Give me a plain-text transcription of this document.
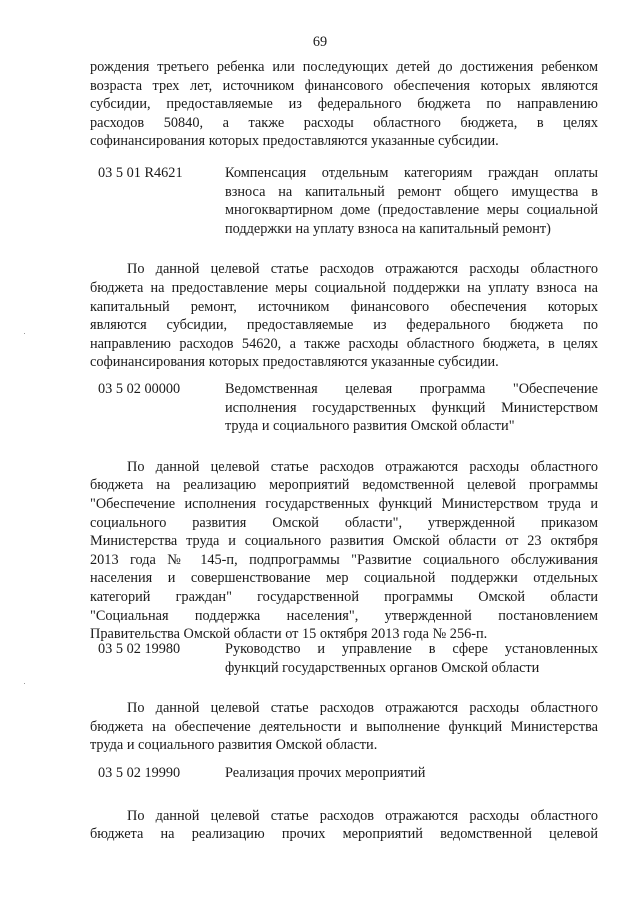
69

рождения третьего ребенка или последующих детей до достижения ребенком

возраста трех лет, источником финансового обеспечения которых являются

субсидии, предоставляемые из федерального бюджета по направлению

расходов 50840, а также расходы областного бюджета, в целях

софинансирования которых предоставляются указанные субсидии.

03 5 01 R4621	Компенсация отдельным категориям граждан оплаты

взноса на капитальный ремонт общего имущества в

многоквартирном доме (предоставление меры социальной

поддержки на уплату взноса на капитальный ремонт)

По данной целевой статье расходов отражаются расходы областного

бюджета на предоставление меры социальной поддержки на уплату взноса на

капитальный ремонт, источником финансового обеспечения которых

являются субсидии, предоставляемые из федерального бюджета по

направлению расходов 54620, а также расходы областного бюджета, в целях

софинансирования которых предоставляются указанные субсидии.

03 5 02 00000	Ведомственная целевая программа "Обеспечение

исполнения государственных функций Министерством

труда и социального развития Омской области"

По данной целевой статье расходов отражаются расходы областного

бюджета на реализацию мероприятий ведомственной целевой программы

"Обеспечение исполнения государственных функций Министерством труда и

социального развития Омской области", утвержденной приказом

Министерства труда и социального развития Омской области от 23 октября

2013 года № 145-п, подпрограммы "Развитие социального обслуживания

населения и совершенствование мер социальной поддержки отдельных

категорий граждан" государственной программы Омской области

"Социальная поддержка населения", утвержденной постановлением

Правительства Омской области от 15 октября 2013 года № 256-п.

03 5 02 19980	Руководство и управление в сфере установленных

функций государственных органов Омской области

По данной целевой статье расходов отражаются расходы областного

бюджета на обеспечение деятельности и выполнение функций Министерства

труда и социального развития Омской области.

03 5 02 19990	Реализация прочих мероприятий

По данной целевой статье расходов отражаются расходы областного

бюджета на реализацию прочих мероприятий ведомственной целевой
